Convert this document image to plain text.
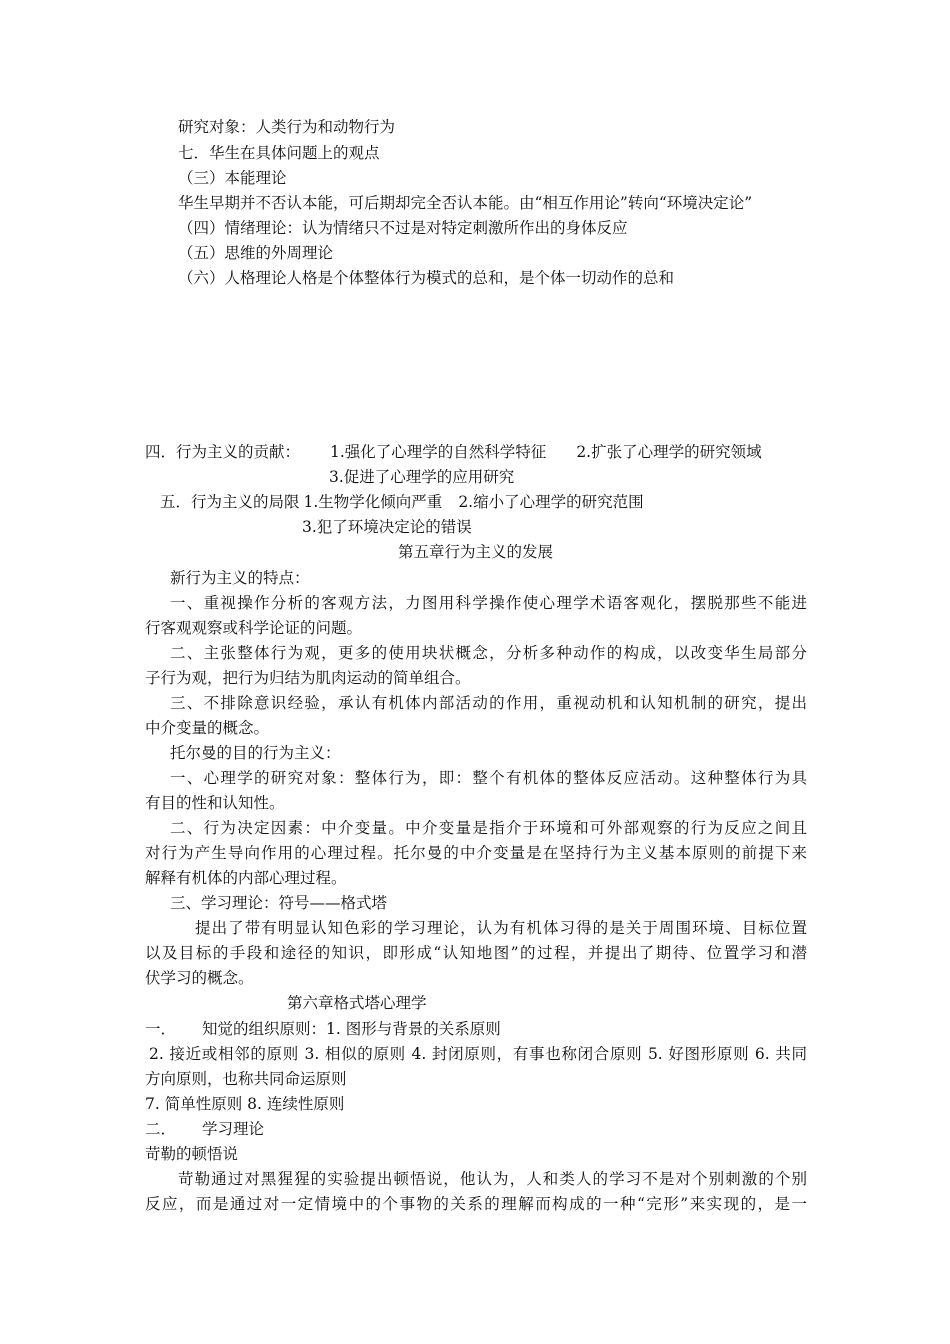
研究对象：人类行为和动物行为
七．华生在具体问题上的观点
（三）本能理论
华生早期并不否认本能，可后期却完全否认本能。由“相互作用论”转向“环境决定论”
（四）情绪理论：认为情绪只不过是对特定刺激所作出的身体反应
（五）思维的外周理论
（六）人格理论人格是个体整体行为模式的总和，是个体一切动作的总和
四．行为主义的贡献： 1.强化了心理学的自然科学特征 2.扩张了心理学的研究领域
3.促进了心理学的应用研究
五．行为主义的局限 1.生物学化倾向严重 2.缩小了心理学的研究范围
3.犯了环境决定论的错误
第五章行为主义的发展
新行为主义的特点：
一、重视操作分析的客观方法，力图用科学操作使心理学术语客观化，摆脱那些不能进
行客观观察或科学论证的问题。
二、主张整体行为观，更多的使用块状概念，分析多种动作的构成，以改变华生局部分
子行为观，把行为归结为肌肉运动的简单组合。
三、不排除意识经验，承认有机体内部活动的作用，重视动机和认知机制的研究，提出
中介变量的概念。
托尔曼的目的行为主义：
一、心理学的研究对象：整体行为，即：整个有机体的整体反应活动。这种整体行为具
有目的性和认知性。
二、行为决定因素：中介变量。中介变量是指介于环境和可外部观察的行为反应之间且
对行为产生导向作用的心理过程。托尔曼的中介变量是在坚持行为主义基本原则的前提下来
解释有机体的内部心理过程。
三、学习理论：符号——格式塔
提出了带有明显认知色彩的学习理论，认为有机体习得的是关于周围环境、目标位置
以及目标的手段和途径的知识，即形成“认知地图”的过程，并提出了期待、位置学习和潜
伏学习的概念。
第六章格式塔心理学
一． 知觉的组织原则：1. 图形与背景的关系原则
2. 接近或相邻的原则 3. 相似的原则 4. 封闭原则，有事也称闭合原则 5. 好图形原则 6. 共同
方向原则，也称共同命运原则
7. 简单性原则 8. 连续性原则
二． 学习理论
苛勒的顿悟说
苛勒通过对黑猩猩的实验提出顿悟说，他认为，人和类人的学习不是对个别刺激的个别
反应，而是通过对一定情境中的个事物的关系的理解而构成的一种“完形”来实现的，是一
